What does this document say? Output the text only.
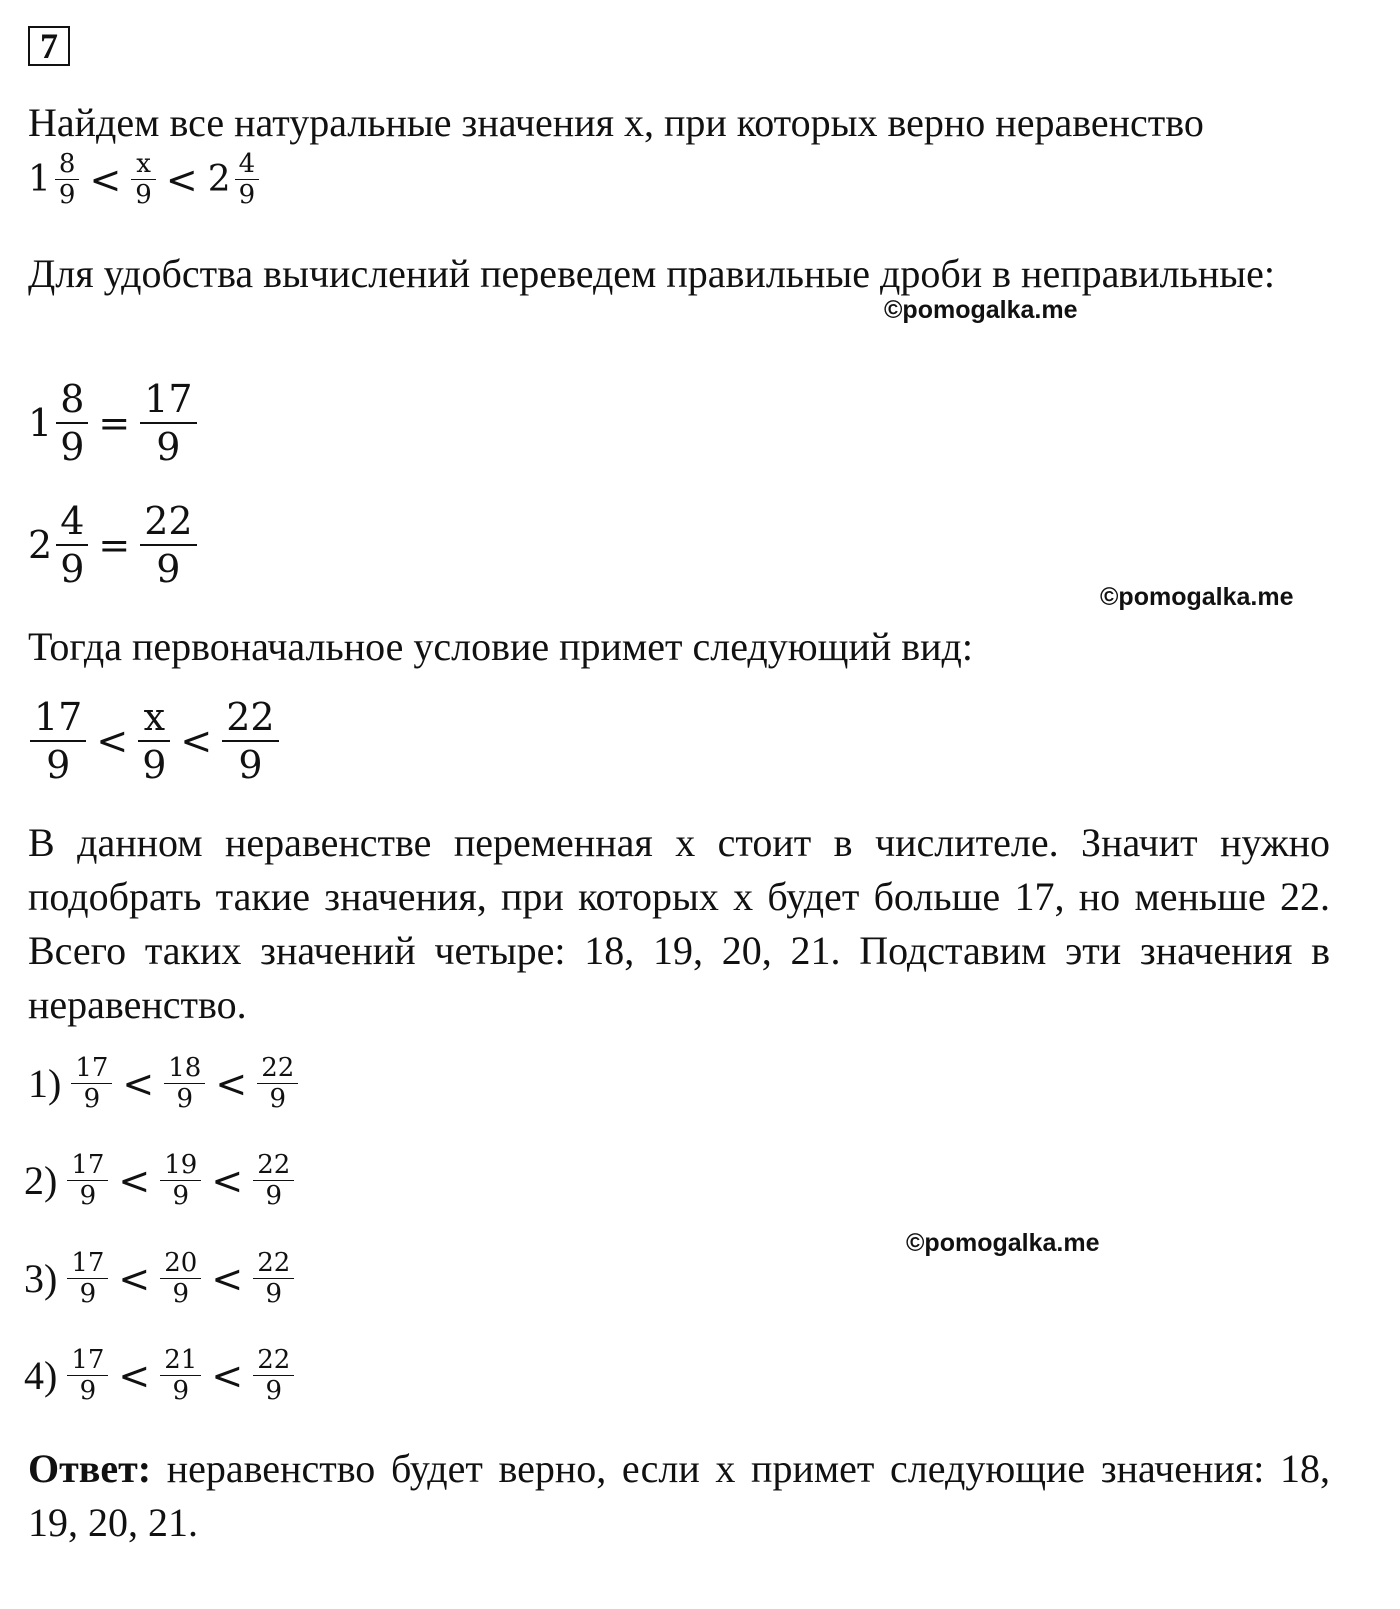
7

Найдем все натуральные значения х, при которых верно неравенство

$1 \frac{8}{9} < \frac{x}{9} < 2 \frac{4}{9}$

Для удобства вычислений переведем правильные дроби в неправильные:

©pomogalka.me
$1 \frac{8}{9} = \frac{17}{9}$
$2 \frac{4}{9} = \frac{22}{9}$
©pomogalka.me

Тогда первоначальное условие примет следующий вид:

$\frac{17}{9} < \frac{x}{9} < \frac{22}{9}$

В данном неравенстве переменная х стоит в числителе. Значит нужно подобрать такие значения, при которых х будет больше 17, но меньше 22. Всего таких значений четыре: 18, 19, 20, 21. Подставим эти значения в неравенство.

$1) \frac{17}{9} < \frac{18}{9} < \frac{22}{9}$
$2) \frac{17}{9} < \frac{19}{9} < \frac{22}{9}$
©pomogalka.me
$3) \frac{17}{9} < \frac{20}{9} < \frac{22}{9}$
$4) \frac{17}{9} < \frac{21}{9} < \frac{22}{9}$

Ответ: неравенство будет верно, если х примет следующие значения: 18, 19, 20, 21.
